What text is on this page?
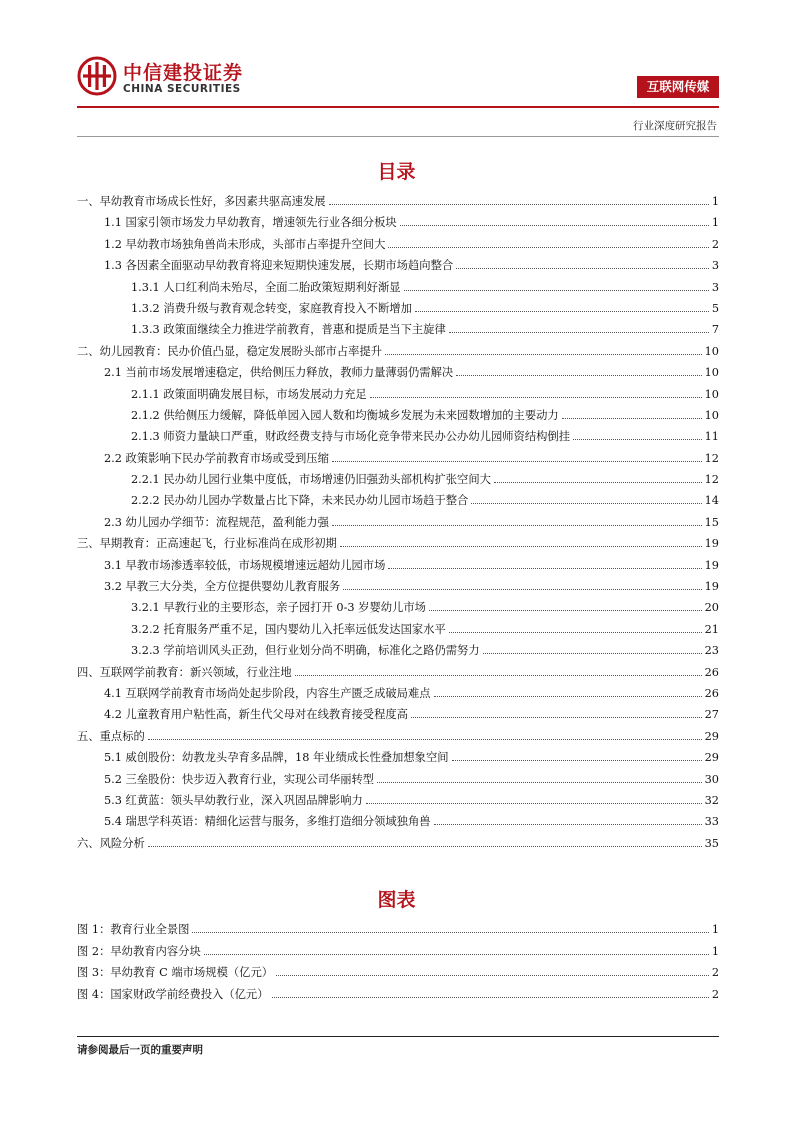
中信建投证券
CHINA SECURITIES	互联网传媒
行业深度研究报告
目录
一、早幼教育市场成长性好，多因素共驱高速发展	1
1.1 国家引领市场发力早幼教育，增速领先行业各细分板块	1
1.2 早幼教市场独角兽尚未形成，头部市占率提升空间大	2
1.3 各因素全面驱动早幼教育将迎来短期快速发展，长期市场趋向整合	3
1.3.1 人口红利尚未殆尽，全面二胎政策短期利好渐显	3
1.3.2 消费升级与教育观念转变，家庭教育投入不断增加	5
1.3.3 政策面继续全力推进学前教育，普惠和提质是当下主旋律	7
二、幼儿园教育：民办价值凸显，稳定发展盼头部市占率提升	10
2.1 当前市场发展增速稳定，供给侧压力释放，教师力量薄弱仍需解决	10
2.1.1 政策面明确发展目标，市场发展动力充足	10
2.1.2 供给侧压力缓解，降低单园入园人数和均衡城乡发展为未来园数增加的主要动力	10
2.1.3 师资力量缺口严重，财政经费支持与市场化竞争带来民办公办幼儿园师资结构倒挂	11
2.2 政策影响下民办学前教育市场或受到压缩	12
2.2.1 民办幼儿园行业集中度低，市场增速仍旧强劲头部机构扩张空间大	12
2.2.2 民办幼儿园办学数量占比下降，未来民办幼儿园市场趋于整合	14
2.3 幼儿园办学细节：流程规范，盈利能力强	15
三、早期教育：正高速起飞，行业标准尚在成形初期	19
3.1 早教市场渗透率较低，市场规模增速远超幼儿园市场	19
3.2 早教三大分类，全方位提供婴幼儿教育服务	19
3.2.1 早教行业的主要形态，亲子园打开 0-3 岁婴幼儿市场	20
3.2.2 托育服务严重不足，国内婴幼儿入托率远低发达国家水平	21
3.2.3 学前培训风头正劲，但行业划分尚不明确，标准化之路仍需努力	23
四、互联网学前教育：新兴领域，行业注地	26
4.1 互联网学前教育市场尚处起步阶段，内容生产匮乏成破局难点	26
4.2 儿童教育用户粘性高，新生代父母对在线教育接受程度高	27
五、重点标的	29
5.1 威创股份：幼教龙头孕育多品牌，18 年业绩成长性叠加想象空间	29
5.2 三垒股份：快步迈入教育行业，实现公司华丽转型	30
5.3 红黄蓝：领头早幼教行业，深入巩固品牌影响力	32
5.4 瑞思学科英语：精细化运营与服务，多维打造细分领域独角兽	33
六、风险分析	35
图表
图 1：教育行业全景图	1
图 2：早幼教育内容分块	1
图 3：早幼教育 C 端市场规模（亿元）	2
图 4：国家财政学前经费投入（亿元）	2
请参阅最后一页的重要声明
